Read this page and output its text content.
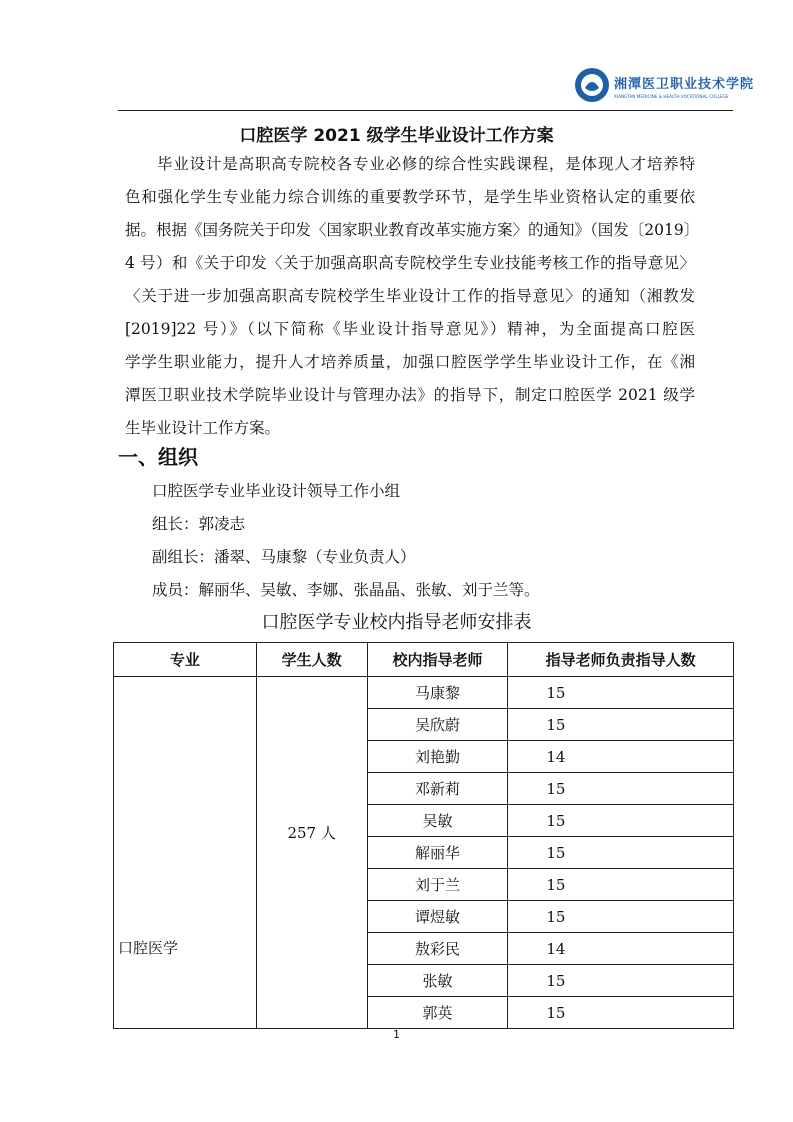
湘潭医卫职业技术学院
XIANGTAN MEDICINE & HEALTH VOCATIONAL COLLEGE
口腔医学 2021 级学生毕业设计工作方案
毕业设计是高职高专院校各专业必修的综合性实践课程，是体现人才培养特
色和强化学生专业能力综合训练的重要教学环节，是学生毕业资格认定的重要依
据。根据《国务院关于印发〈国家职业教育改革实施方案〉的通知》（国发〔2019〕
4 号）和《关于印发〈关于加强高职高专院校学生专业技能考核工作的指导意见〉
〈关于进一步加强高职高专院校学生毕业设计工作的指导意见〉的通知（湘教发
[2019]22 号）》（以下简称《毕业设计指导意见》）精神，为全面提高口腔医
学学生职业能力，提升人才培养质量，加强口腔医学学生毕业设计工作，在《湘
潭医卫职业技术学院毕业设计与管理办法》的指导下，制定口腔医学 2021 级学
生毕业设计工作方案。
一、组织
口腔医学专业毕业设计领导工作小组
组长：郭凌志
副组长：潘翠、马康黎（专业负责人）
成员：解丽华、吴敏、李娜、张晶晶、张敏、刘于兰等。
口腔医学专业校内指导老师安排表
专业	学生人数	校内指导老师	指导老师负责指导人数
口腔医学	257 人	马康黎	15
		吴欣蔚	15
		刘艳勤	14
		邓新莉	15
		吴敏	15
		解丽华	15
		刘于兰	15
		谭煜敏	15
		敖彩民	14
		张敏	15
		郭英	15
1
